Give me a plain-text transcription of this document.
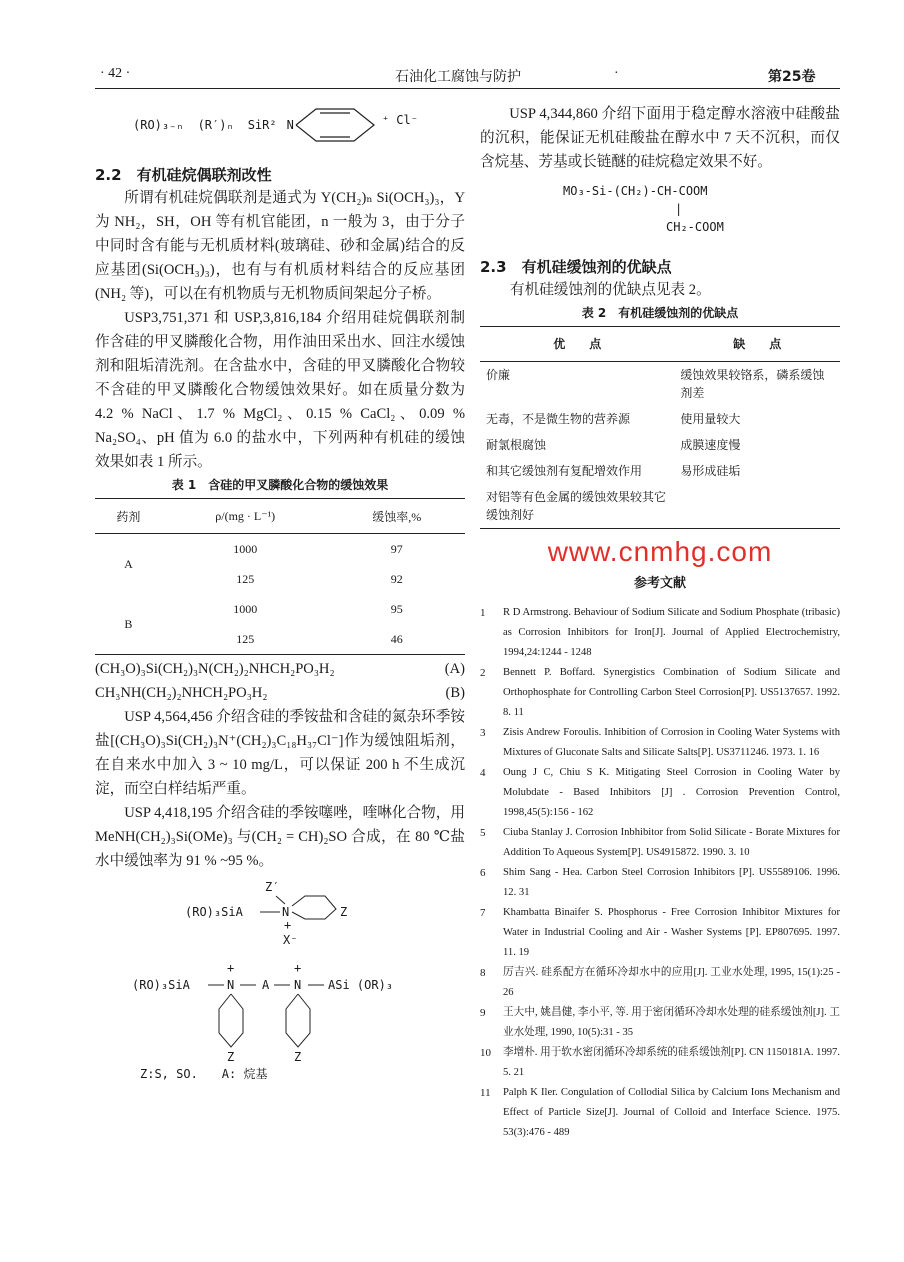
· 42 ·	石油化工腐蚀与防护	·	第25卷
(RO)₃₋ₙ (R′)ₙ SiR² N	⁺ Cl⁻
2.2　有机硅烷偶联剂改性

所谓有机硅烷偶联剂是通式为 Y(CH₂)ₙ Si(OCH₃)₃，Y 为 NH₂，SH，OH 等有机官能团，n 一般为 3，由于分子中同时含有能与无机质材料(玻璃硅、砂和金属)结合的反应基团(Si(OCH₃)₃)，也有与有机质材料结合的反应基团(NH₂ 等)，可以在有机物质与无机物质间架起分子桥。

USP3,751,371 和 USP,3,816,184 介绍用硅烷偶联剂制作含硅的甲叉膦酸化合物，用作油田采出水、回注水缓蚀剂和阻垢清洗剂。在含盐水中，含硅的甲叉膦酸化合物较不含硅的甲叉膦酸化合物缓蚀效果好。如在质量分数为 4.2 % NaCl、1.7 % MgCl₂、0.15 % CaCl₂、0.09 % Na₂SO₄、pH 值为 6.0 的盐水中，下列两种有机硅的缓蚀效果如表 1 所示。

表 1　含硅的甲叉膦酸化合物的缓蚀效果
药剂	ρ/(mg · L⁻¹)	缓蚀率,%
A	1000	97
	125	92
B	1000	95
	125	46
(CH₃O)₃Si(CH₂)₃N(CH₂)₂NHCH₂PO₃H₂	(A)
CH₃NH(CH₂)₂NHCH₂PO₃H₂	(B)

USP 4,564,456 介绍含硅的季铵盐和含硅的氮杂环季铵盐[(CH₃O)₃Si(CH₂)₃N⁺(CH₂)₃C₁₈H₃₇Cl⁻]作为缓蚀阻垢剂，在自来水中加入 3 ~ 10 mg/L，可以保证 200 h 不生成沉淀，而空白样结垢严重。

USP 4,418,195 介绍含硅的季铵噻唑，喹啉化合物，用 MeNH(CH₂)₃Si(OMe)₃ 与(CH₂ = CH)₂SO 合成，在 80 ℃盐水中缓蚀率为 91 % ~95 %。

Z′
(RO)₃SiA	N	Z
+
X⁻
(RO)₃SiA
+
N A
+
N ASi (OR)₃
Z	Z
Z:S, SO.　　A: 烷基

USP 4,344,860 介绍下面用于稳定醇水溶液中硅酸盐的沉积，能保证无机硅酸盐在醇水中 7 天不沉积，而仅含烷基、芳基或长链醚的硅烷稳定效果不好。

MO₃-Si-(CH₂)-CH-COOM
|
CH₂-COOM
2.3　有机硅缓蚀剂的优缺点

有机硅缓蚀剂的优缺点见表 2。

表 2　有机硅缓蚀剂的优缺点
优　　点	缺　　点
价廉	缓蚀效果较铬系，磷系缓蚀剂差
无毒，不是微生物的营养源	使用量较大
耐氯根腐蚀	成膜速度慢
和其它缓蚀剂有复配增效作用	易形成硅垢
对铝等有色金属的缓蚀效果较其它缓蚀剂好	
www.cnmhg.com
参考文献
1	R D Armstrong. Behaviour of Sodium Silicate and Sodium Phosphate (tribasic) as Corrosion Inhibitors for Iron[J]. Journal of Applied Electrochemistry, 1994,24:1244 - 1248
2	Bennett P. Boffard. Synergistics Combination of Sodium Silicate and Orthophosphate for Controlling Carbon Steel Corrosion[P]. US5137657. 1992. 8. 11
3	Zisis Andrew Foroulis. Inhibition of Corrosion in Cooling Water Systems with Mixtures of Gluconate Salts and Silicate Salts[P]. US3711246. 1973. 1. 16
4	Oung J C, Chiu S K. Mitigating Steel Corrosion in Cooling Water by Molubdate - Based Inhibitors [J] . Corrosion Prevention Control, 1998,45(5):156 - 162
5	Ciuba Stanlay J. Corrosion Inbhibitor from Solid Silicate - Borate Mixtures for Addition To Aqueous System[P]. US4915872. 1990. 3. 10
6	Shim Sang - Hea. Carbon Steel Corrosion Inhibitors [P]. US5589106. 1996. 12. 31
7	Khambatta Binaifer S. Phosphorus - Free Corrosion Inhibitor Mixtures for Water in Industrial Cooling and Air - Washer Systems [P]. EP807695. 1997. 11. 19
8	厉吉兴. 硅系配方在循环冷却水中的应用[J]. 工业水处理, 1995, 15(1):25 - 26
9	王大中, 姚昌健, 李小平, 等. 用于密闭循环冷却水处理的硅系缓蚀剂[J]. 工业水处理, 1990, 10(5):31 - 35
10	李增朴. 用于软水密闭循环冷却系统的硅系缓蚀剂[P]. CN 1150181A. 1997. 5. 21
11	Palph K Iler. Congulation of Collodial Silica by Calcium Ions Mechanism and Effect of Particle Size[J]. Journal of Colloid and Interface Science. 1975. 53(3):476 - 489
